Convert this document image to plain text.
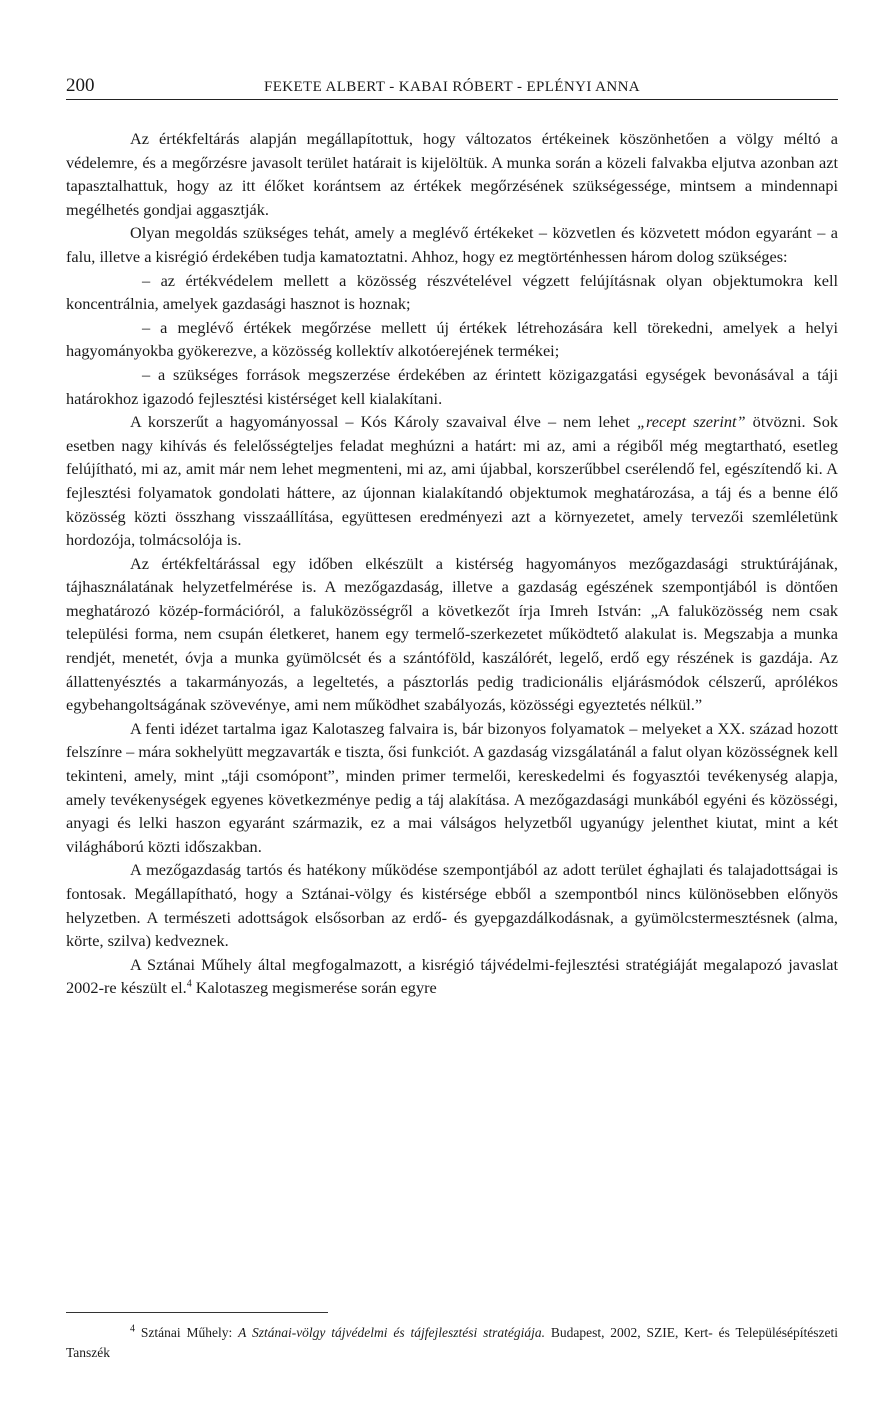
200	FEKETE ALBERT - KABAI RÓBERT - EPLÉNYI ANNA

Az értékfeltárás alapján megállapítottuk, hogy változatos értékeinek köszönhetően a völgy méltó a védelemre, és a megőrzésre javasolt terület határait is kijelöltük. A munka során a közeli falvakba eljutva azonban azt tapasztalhattuk, hogy az itt élőket korántsem az értékek megőrzésének szükségessége, mintsem a mindennapi megélhetés gondjai aggasztják.

Olyan megoldás szükséges tehát, amely a meglévő értékeket – közvetlen és közvetett módon egyaránt – a falu, illetve a kisrégió érdekében tudja kamatoztatni. Ahhoz, hogy ez megtörténhessen három dolog szükséges:

– az értékvédelem mellett a közösség részvételével végzett felújításnak olyan objektumokra kell koncentrálnia, amelyek gazdasági hasznot is hoznak;

– a meglévő értékek megőrzése mellett új értékek létrehozására kell törekedni, amelyek a helyi hagyományokba gyökerezve, a közösség kollektív alkotóerejének termékei;

– a szükséges források megszerzése érdekében az érintett közigazgatási egységek bevonásával a táji határokhoz igazodó fejlesztési kistérséget kell kialakítani.

A korszerűt a hagyományossal – Kós Károly szavaival élve – nem lehet „recept szerint” ötvözni. Sok esetben nagy kihívás és felelősségteljes feladat meghúzni a határt: mi az, ami a régiből még megtartható, esetleg felújítható, mi az, amit már nem lehet megmenteni, mi az, ami újabbal, korszerűbbel cserélendő fel, egészítendő ki. A fejlesztési folyamatok gondolati háttere, az újonnan kialakítandó objektumok meghatározása, a táj és a benne élő közösség közti összhang visszaállítása, együttesen eredményezi azt a környezetet, amely tervezői szemléletünk hordozója, tolmácsolója is.

Az értékfeltárással egy időben elkészült a kistérség hagyományos mezőgazdasági struktúrájának, tájhasználatának helyzetfelmérése is. A mezőgazdaság, illetve a gazdaság egészének szempontjából is döntően meghatározó közép-formációról, a faluközösségről a következőt írja Imreh István: „A faluközösség nem csak települési forma, nem csupán életkeret, hanem egy termelő-szerkezetet működtető alakulat is. Megszabja a munka rendjét, menetét, óvja a munka gyümölcsét és a szántóföld, kaszálórét, legelő, erdő egy részének is gazdája. Az állattenyésztés a takarmányozás, a legeltetés, a pásztorlás pedig tradicionális eljárásmódok célszerű, aprólékos egybehangoltságának szövevénye, ami nem működhet szabályozás, közösségi egyeztetés nélkül.”

A fenti idézet tartalma igaz Kalotaszeg falvaira is, bár bizonyos folyamatok – melyeket a XX. század hozott felszínre – mára sokhelyütt megzavarták e tiszta, ősi funkciót. A gazdaság vizsgálatánál a falut olyan közösségnek kell tekinteni, amely, mint „táji csomópont”, minden primer termelői, kereskedelmi és fogyasztói tevékenység alapja, amely tevékenységek egyenes következménye pedig a táj alakítása. A mezőgazdasági munkából egyéni és közösségi, anyagi és lelki haszon egyaránt származik, ez a mai válságos helyzetből ugyanúgy jelenthet kiutat, mint a két világháború közti időszakban.

A mezőgazdaság tartós és hatékony működése szempontjából az adott terület éghajlati és talajadottságai is fontosak. Megállapítható, hogy a Sztánai-völgy és kistérsége ebből a szempontból nincs különösebben előnyös helyzetben. A természeti adottságok elsősorban az erdő- és gyepgazdálkodásnak, a gyümölcstermesztésnek (alma, körte, szilva) kedveznek.

A Sztánai Műhely által megfogalmazott, a kisrégió tájvédelmi-fejlesztési stratégiáját megalapozó javaslat 2002-re készült el.$^4$ Kalotaszeg megismerése során egyre

$^4$ Sztánai Műhely: A Sztánai-völgy tájvédelmi és tájfejlesztési stratégiája. Budapest, 2002, SZIE, Kert- és Településépítészeti Tanszék
